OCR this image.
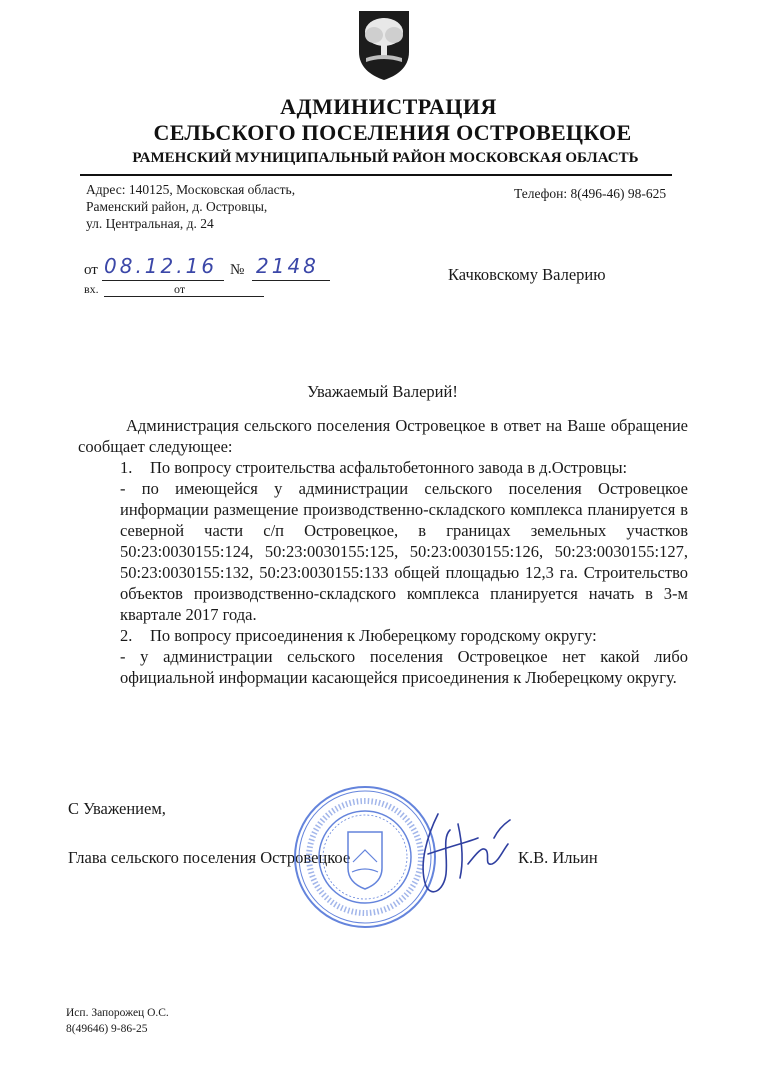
АДМИНИСТРАЦИЯ
СЕЛЬСКОГО ПОСЕЛЕНИЯ ОСТРОВЕЦКОЕ
РАМЕНСКИЙ МУНИЦИПАЛЬНЫЙ РАЙОН МОСКОВСКАЯ ОБЛАСТЬ
Адрес: 140125, Московская область,
Раменский район, д. Островцы,
ул. Центральная, д. 24
Телефон: 8(496-46) 98-625
от 08.12.16 № 2148
вх.	от
Качковскому Валерию
Уважаемый Валерий!

Администрация сельского поселения Островецкое в ответ на Ваше обращение сообщает следующее:

1.	По вопросу строительства асфальтобетонного завода в д.Островцы:

- по имеющейся у администрации сельского поселения Островецкое информации размещение производственно-складского комплекса планируется в северной части с/п Островецкое, в границах земельных участков 50:23:0030155:124, 50:23:0030155:125, 50:23:0030155:126, 50:23:0030155:127, 50:23:0030155:132, 50:23:0030155:133 общей площадью 12,3 га. Строительство объектов производственно-складского комплекса планируется начать в 3-м квартале 2017 года.

2.	По вопросу присоединения к Люберецкому городскому округу:

- у администрации сельского поселения Островецкое нет какой либо официальной информации касающейся присоединения к Люберецкому округу.

С Уважением,
Глава сельского поселения Островецкое	К.В. Ильин
Исп. Запорожец О.С.
8(49646) 9-86-25
